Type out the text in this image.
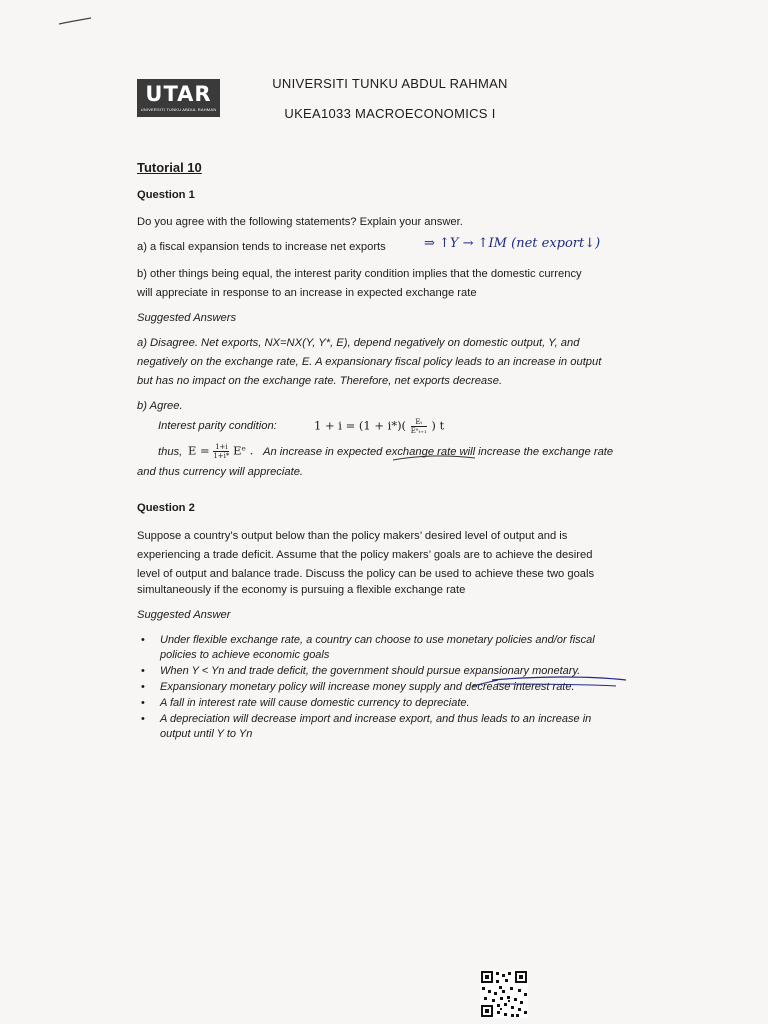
UTAR
UNIVERSITI TUNKU ABDUL RAHMAN
UNIVERSITI TUNKU ABDUL RAHMAN
UKEA1033 MACROECONOMICS I
Tutorial 10
Question 1
Do you agree with the following statements? Explain your answer.
a) a fiscal expansion tends to increase net exports	⇒ ↑Y → ↑IM (net export↓)
b) other things being equal, the interest parity condition implies that the domestic currency
will appreciate in response to an increase in expected exchange rate
Suggested Answers
a) Disagree. Net exports, NX=NX(Y, Y*, E), depend negatively on domestic output, Y, and
negatively on the exchange rate, E. A expansionary fiscal policy leads to an increase in output
but has no impact on the exchange rate. Therefore, net exports decrease.
b) Agree.
Interest parity condition:	1 + i = (1 + i*)(	Eₜ
Eᵉₜ₊₁ ) t
thus, $E = \frac{1+i}{1+i*}$ Eᵉ . An increase in expected exchange rate will increase the exchange rate
and thus currency will appreciate.
Question 2
Suppose a country’s output below than the policy makers’ desired level of output and is
experiencing a trade deficit. Assume that the policy makers’ goals are to achieve the desired
level of output and balance trade. Discuss the policy can be used to achieve these two goals
simultaneously if the economy is pursuing a flexible exchange rate
Suggested Answer
• Under flexible exchange rate, a country can choose to use monetary policies and/or fiscal
policies to achieve economic goals
• When Y < Yn and trade deficit, the government should pursue expansionary monetary.
• Expansionary monetary policy will increase money supply and decrease interest rate.
• A fall in interest rate will cause domestic currency to depreciate.
• A depreciation will decrease import and increase export, and thus leads to an increase in
output until Y to Yn
